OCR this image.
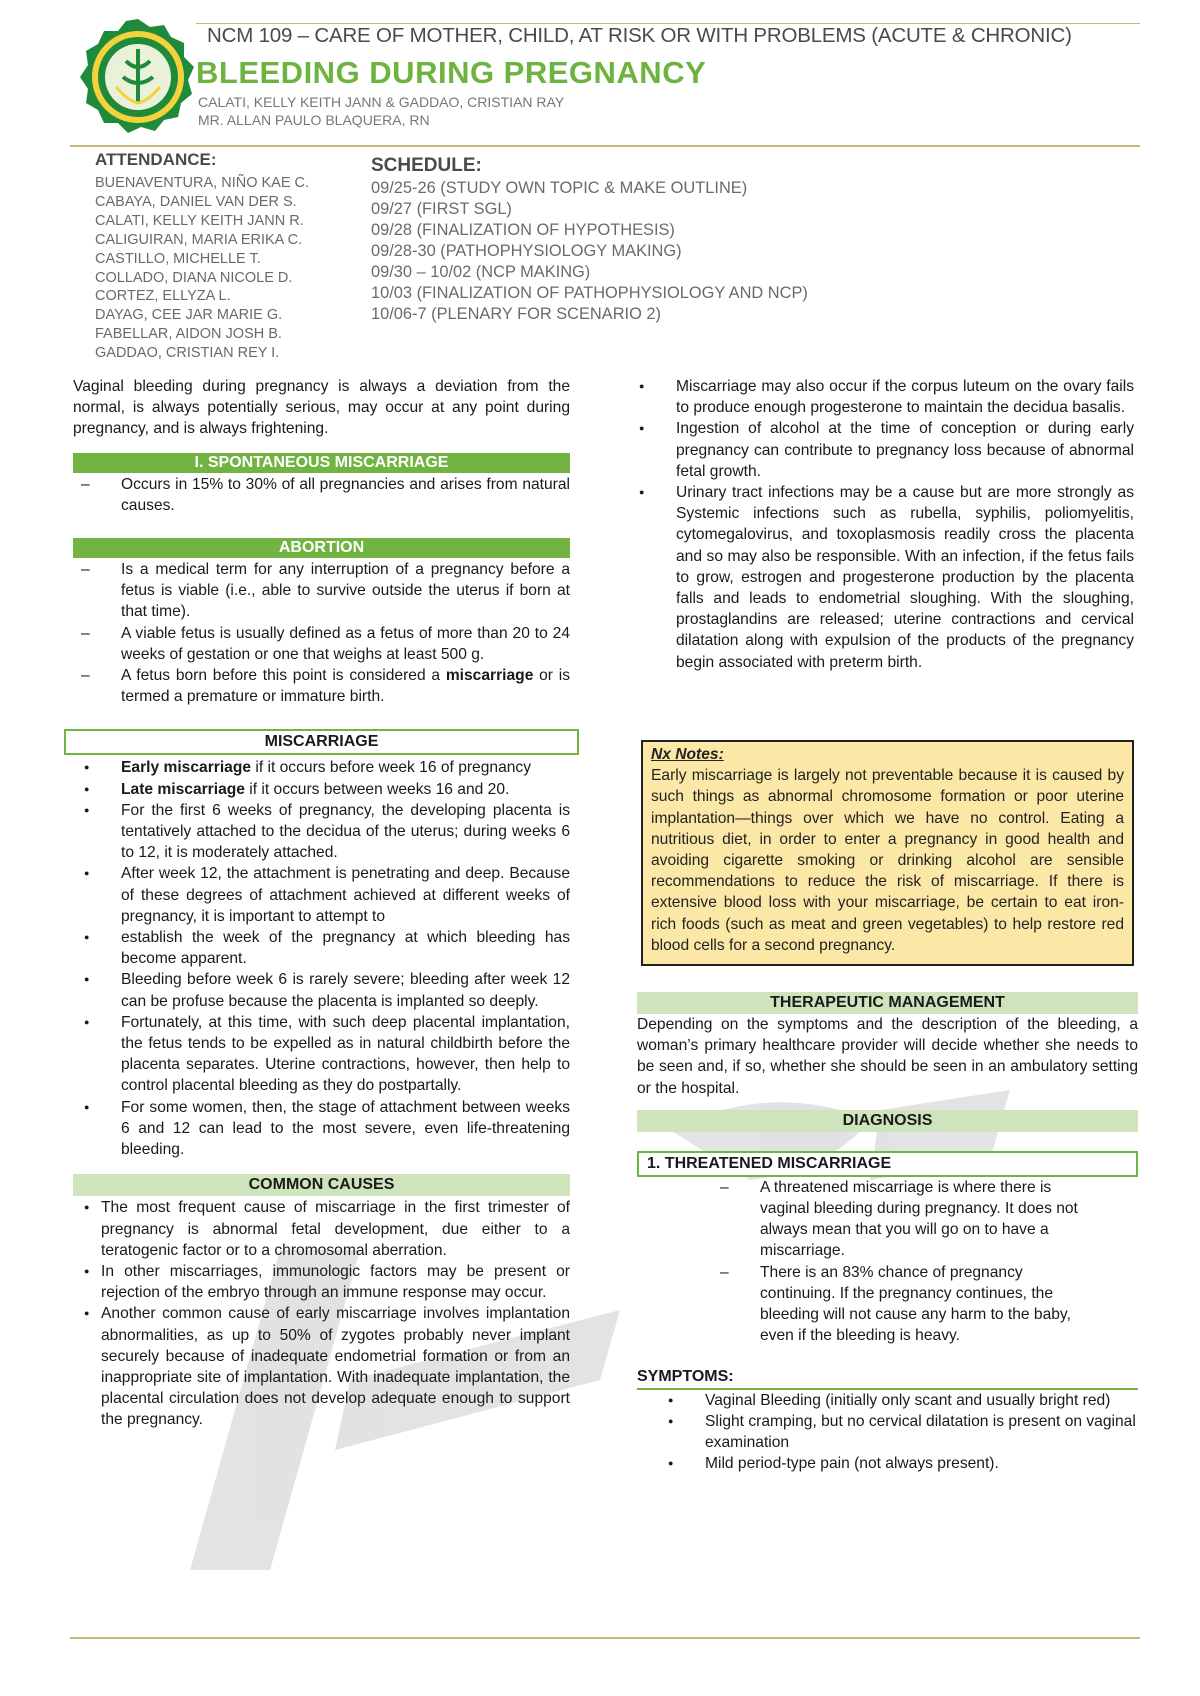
NCM 109 – CARE OF MOTHER, CHILD, AT RISK OR WITH PROBLEMS (ACUTE & CHRONIC)
BLEEDING DURING PREGNANCY
CALATI, KELLY KEITH JANN & GADDAO, CRISTIAN RAY
MR. ALLAN PAULO BLAQUERA, RN
ATTENDANCE:
BUENAVENTURA, NIÑO KAE C.
CABAYA, DANIEL VAN DER S.
CALATI, KELLY KEITH JANN R.
CALIGUIRAN, MARIA ERIKA C.
CASTILLO, MICHELLE T.
COLLADO, DIANA NICOLE D.
CORTEZ, ELLYZA L.
DAYAG, CEE JAR MARIE G.
FABELLAR, AIDON JOSH B.
GADDAO, CRISTIAN REY I.
SCHEDULE:
09/25-26 (STUDY OWN TOPIC & MAKE OUTLINE)
09/27 (FIRST SGL)
09/28 (FINALIZATION OF HYPOTHESIS)
09/28-30 (PATHOPHYSIOLOGY MAKING)
09/30 – 10/02 (NCP MAKING)
10/03 (FINALIZATION OF PATHOPHYSIOLOGY AND NCP)
10/06-7 (PLENARY FOR SCENARIO 2)

Vaginal bleeding during pregnancy is always a deviation from the normal, is always potentially serious, may occur at any point during pregnancy, and is always frightening.

I. SPONTANEOUS MISCARRIAGE
– Occurs in 15% to 30% of all pregnancies and arises from natural causes.
ABORTION
– Is a medical term for any interruption of a pregnancy before a fetus is viable (i.e., able to survive outside the uterus if born at that time).
– A viable fetus is usually defined as a fetus of more than 20 to 24 weeks of gestation or one that weighs at least 500 g.
– A fetus born before this point is considered a miscarriage or is termed a premature or immature birth.
MISCARRIAGE
● Early miscarriage if it occurs before week 16 of pregnancy
● Late miscarriage if it occurs between weeks 16 and 20.
● For the first 6 weeks of pregnancy, the developing placenta is tentatively attached to the decidua of the uterus; during weeks 6 to 12, it is moderately attached.
● After week 12, the attachment is penetrating and deep. Because of these degrees of attachment achieved at different weeks of pregnancy, it is important to attempt to
● establish the week of the pregnancy at which bleeding has become apparent.
● Bleeding before week 6 is rarely severe; bleeding after week 12 can be profuse because the placenta is implanted so deeply.
● Fortunately, at this time, with such deep placental implantation, the fetus tends to be expelled as in natural childbirth before the placenta separates. Uterine contractions, however, then help to control placental bleeding as they do postpartally.
● For some women, then, the stage of attachment between weeks 6 and 12 can lead to the most severe, even life-threatening bleeding.
COMMON CAUSES
● The most frequent cause of miscarriage in the first trimester of pregnancy is abnormal fetal development, due either to a teratogenic factor or to a chromosomal aberration.
● In other miscarriages, immunologic factors may be present or rejection of the embryo through an immune response may occur.
● Another common cause of early miscarriage involves implantation abnormalities, as up to 50% of zygotes probably never implant securely because of inadequate endometrial formation or from an inappropriate site of implantation. With inadequate implantation, the placental circulation does not develop adequate enough to support the pregnancy.
● Miscarriage may also occur if the corpus luteum on the ovary fails to produce enough progesterone to maintain the decidua basalis.
● Ingestion of alcohol at the time of conception or during early pregnancy can contribute to pregnancy loss because of abnormal fetal growth.
● Urinary tract infections may be a cause but are more strongly as Systemic infections such as rubella, syphilis, poliomyelitis, cytomegalovirus, and toxoplasmosis readily cross the placenta and so may also be responsible. With an infection, if the fetus fails to grow, estrogen and progesterone production by the placenta falls and leads to endometrial sloughing. With the sloughing, prostaglandins are released; uterine contractions and cervical dilatation along with expulsion of the products of the pregnancy begin associated with preterm birth.
Nx Notes:
Early miscarriage is largely not preventable because it is caused by such things as abnormal chromosome formation or poor uterine implantation—things over which we have no control. Eating a nutritious diet, in order to enter a pregnancy in good health and avoiding cigarette smoking or drinking alcohol are sensible recommendations to reduce the risk of miscarriage. If there is extensive blood loss with your miscarriage, be certain to eat iron-rich foods (such as meat and green vegetables) to help restore red blood cells for a second pregnancy.
THERAPEUTIC MANAGEMENT

Depending on the symptoms and the description of the bleeding, a woman’s primary healthcare provider will decide whether she needs to be seen and, if so, whether she should be seen in an ambulatory setting or the hospital.

DIAGNOSIS
1. THREATENED MISCARRIAGE
– A threatened miscarriage is where there is vaginal bleeding during pregnancy. It does not always mean that you will go on to have a miscarriage.
– There is an 83% chance of pregnancy continuing. If the pregnancy continues, the bleeding will not cause any harm to the baby, even if the bleeding is heavy.
SYMPTOMS:
● Vaginal Bleeding (initially only scant and usually bright red)
● Slight cramping, but no cervical dilatation is present on vaginal examination
● Mild period-type pain (not always present).
